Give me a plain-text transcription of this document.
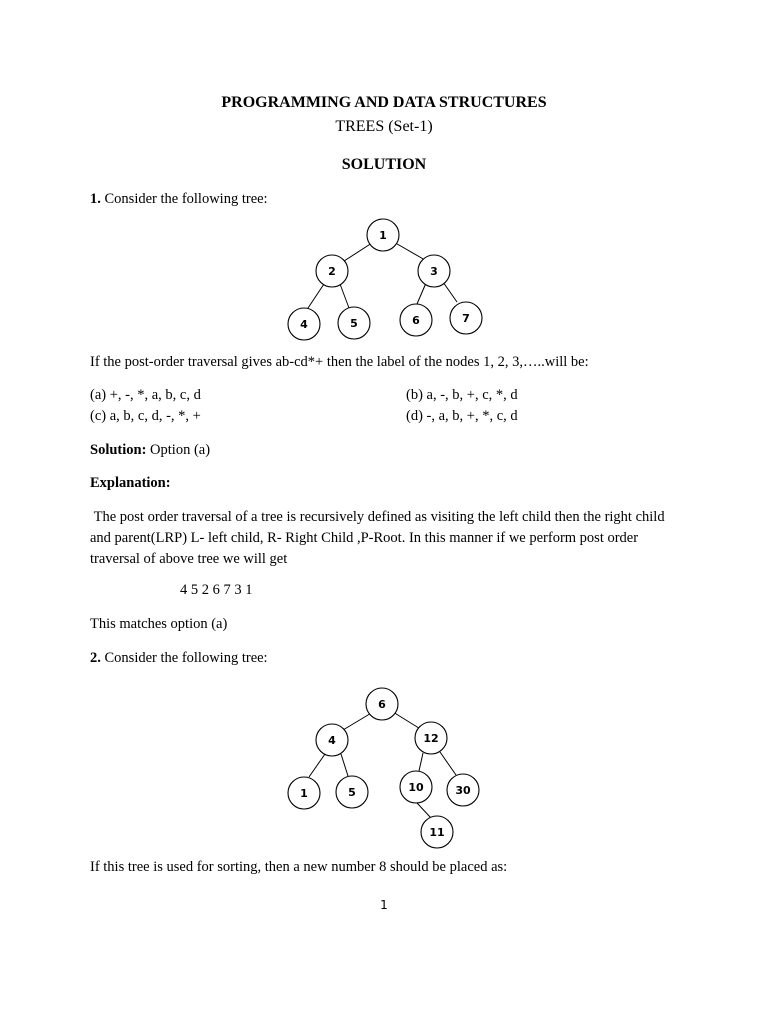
PROGRAMMING AND DATA STRUCTURES
TREES (Set-1)
SOLUTION
1. Consider the following tree:
1
2	3
4	5	6	7
If the post-order traversal gives ab-cd*+ then the label of the nodes 1, 2, 3,…..will be:
(a) +, -, *, a, b, c, d	(b) a, -, b, +, c, *, d
(c) a, b, c, d, -, *, +	(d) -, a, b, +, *, c, d
Solution: Option (a)
Explanation:
The post order traversal of a tree is recursively defined as visiting the left child then the right child and parent(LRP) L- left child, R- Right Child ,P-Root. In this manner if we perform post order traversal of above tree we will get
4 5 2 6 7 3 1
This matches option (a)
2. Consider the following tree:
6
4	12
1	5	10	30
11
If this tree is used for sorting, then a new number 8 should be placed as:
1
